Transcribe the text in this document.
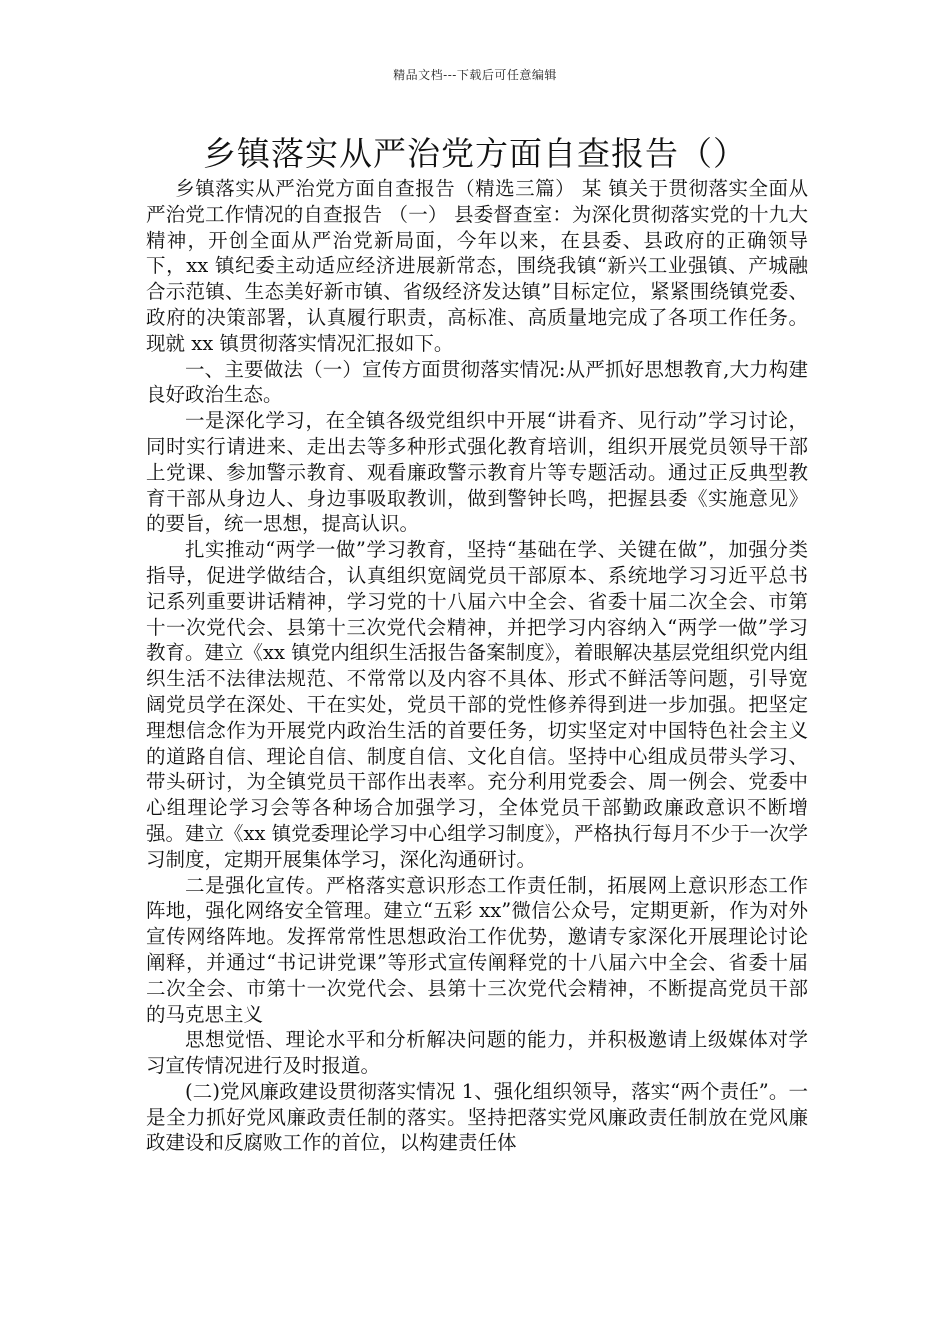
精品文档---下载后可任意编辑
乡镇落实从严治党方面自查报告（）

乡镇落实从严治党方面自查报告（精选三篇） 某 镇关于贯彻落实全面从严治党工作情况的自查报告 （一） 县委督查室：为深化贯彻落实党的十九大精神，开创全面从严治党新局面，今年以来，在县委、县政府的正确领导下，xx 镇纪委主动适应经济进展新常态，围绕我镇“新兴工业强镇、产城融合示范镇、生态美好新市镇、省级经济发达镇”目标定位，紧紧围绕镇党委、政府的决策部署，认真履行职责，高标准、高质量地完成了各项工作任务。现就 xx 镇贯彻落实情况汇报如下。

一、主要做法（一）宣传方面贯彻落实情况:从严抓好思想教育,大力构建良好政治生态。

一是深化学习，在全镇各级党组织中开展“讲看齐、见行动”学习讨论，同时实行请进来、走出去等多种形式强化教育培训，组织开展党员领导干部上党课、参加警示教育、观看廉政警示教育片等专题活动。通过正反典型教育干部从身边人、身边事吸取教训，做到警钟长鸣，把握县委《实施意见》的要旨，统一思想，提高认识。

扎实推动“两学一做”学习教育，坚持“基础在学、关键在做”，加强分类指导，促进学做结合，认真组织宽阔党员干部原本、系统地学习习近平总书记系列重要讲话精神，学习党的十八届六中全会、省委十届二次全会、市第十一次党代会、县第十三次党代会精神，并把学习内容纳入“两学一做”学习教育。建立《xx 镇党内组织生活报告备案制度》，着眼解决基层党组织党内组织生活不法律法规范、不常常以及内容不具体、形式不鲜活等问题，引导宽阔党员学在深处、干在实处，党员干部的党性修养得到进一步加强。把坚定理想信念作为开展党内政治生活的首要任务，切实坚定对中国特色社会主义的道路自信、理论自信、制度自信、文化自信。坚持中心组成员带头学习、带头研讨，为全镇党员干部作出表率。充分利用党委会、周一例会、党委中心组理论学习会等各种场合加强学习，全体党员干部勤政廉政意识不断增强。建立《xx 镇党委理论学习中心组学习制度》，严格执行每月不少于一次学习制度，定期开展集体学习，深化沟通研讨。

二是强化宣传。严格落实意识形态工作责任制，拓展网上意识形态工作阵地，强化网络安全管理。建立“五彩 xx”微信公众号，定期更新，作为对外宣传网络阵地。发挥常常性思想政治工作优势，邀请专家深化开展理论讨论阐释，并通过“书记讲党课”等形式宣传阐释党的十八届六中全会、省委十届二次全会、市第十一次党代会、县第十三次党代会精神，不断提高党员干部的马克思主义

思想觉悟、理论水平和分析解决问题的能力，并积极邀请上级媒体对学习宣传情况进行及时报道。

(二)党风廉政建设贯彻落实情况 1、强化组织领导，落实“两个责任”。一是全力抓好党风廉政责任制的落实。坚持把落实党风廉政责任制放在党风廉政建设和反腐败工作的首位，以构建责任体
